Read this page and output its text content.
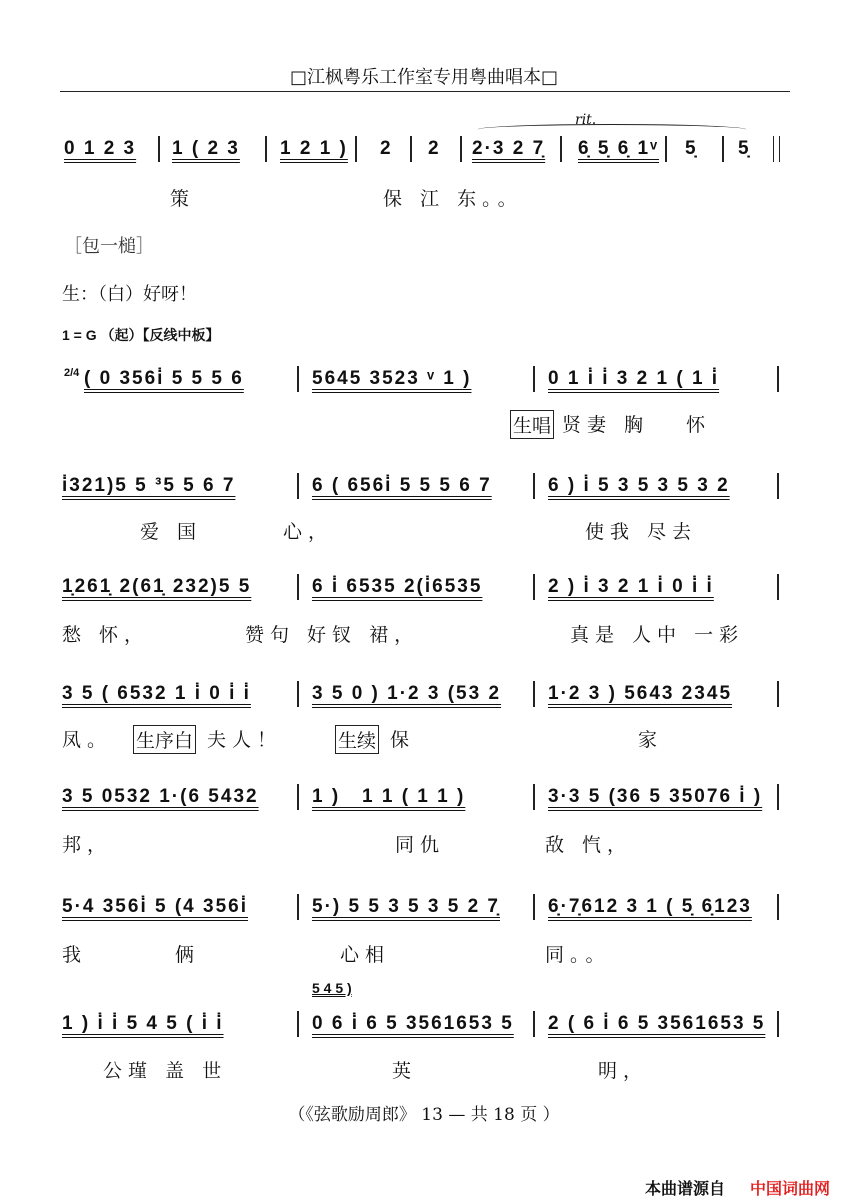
□江枫粤乐工作室专用粤曲唱本□
0 1 2 3 1 ( 2 3 1 2 1 ) 2 2
rit.
2·3 2 7̣ 6̣ 5̣ 6̣ 1ᵛ 5̣ 5̣
策	保 江 东。。
［包一槌］
生：（白）好呀！
1 = G （起）【反线中板】
2/4 ( 0 356i̇ 5 5 5 6	5645 3523 ᵛ 1 )	0 1 i̇ i̇ 3 2 1 ( 1 i̇
生唱 贤妻 胸　 怀
i̇321)5 5 ³5 5 6 7	6 ( 656i̇ 5 5 5 6 7	6 ) i̇ 5 3 5 3 5 3 2
爱 国	心，	使我 尽去
1̣261̣ 2(61̣ 232)5 5	6 i̇ 6535 2(i̇6535	2 ) i̇ 3 2 1 i̇ 0 i̇ i̇
愁 怀，	赞句 好钗 裙，	真是 人中 一彩
3 5 ( 6532 1 i̇ 0 i̇ i̇	3 5 0 ) 1·2 3 (53 2 1·2 3 ) 5643 2345
凤。 生序白 夫人！	生续 保	家
3 5 0532 1·(6 5432	1 )   1 1 ( 1 1 )	3·3 5 (36 5 35076 i̇ )
邦，	同仇	敌 忾，
5·4 356i̇ 5 (4 356i̇	5·) 5 5 3 5 3 5 2 7̣	6̣·7̣612 3 1 ( 5̣ 6̣123
我	俩	心相	同。。
5 4 5 )
1 ) i̇ i̇ 5 4 5 ( i̇ i̇	0 6 i̇ 6 5 3561653 5 2 ( 6 i̇ 6 5 3561653 5
公瑾 盖 世	英	明，
（《弦歌励周郎》 13 — 共 18 页 ）
本曲谱源自 中国词曲网
